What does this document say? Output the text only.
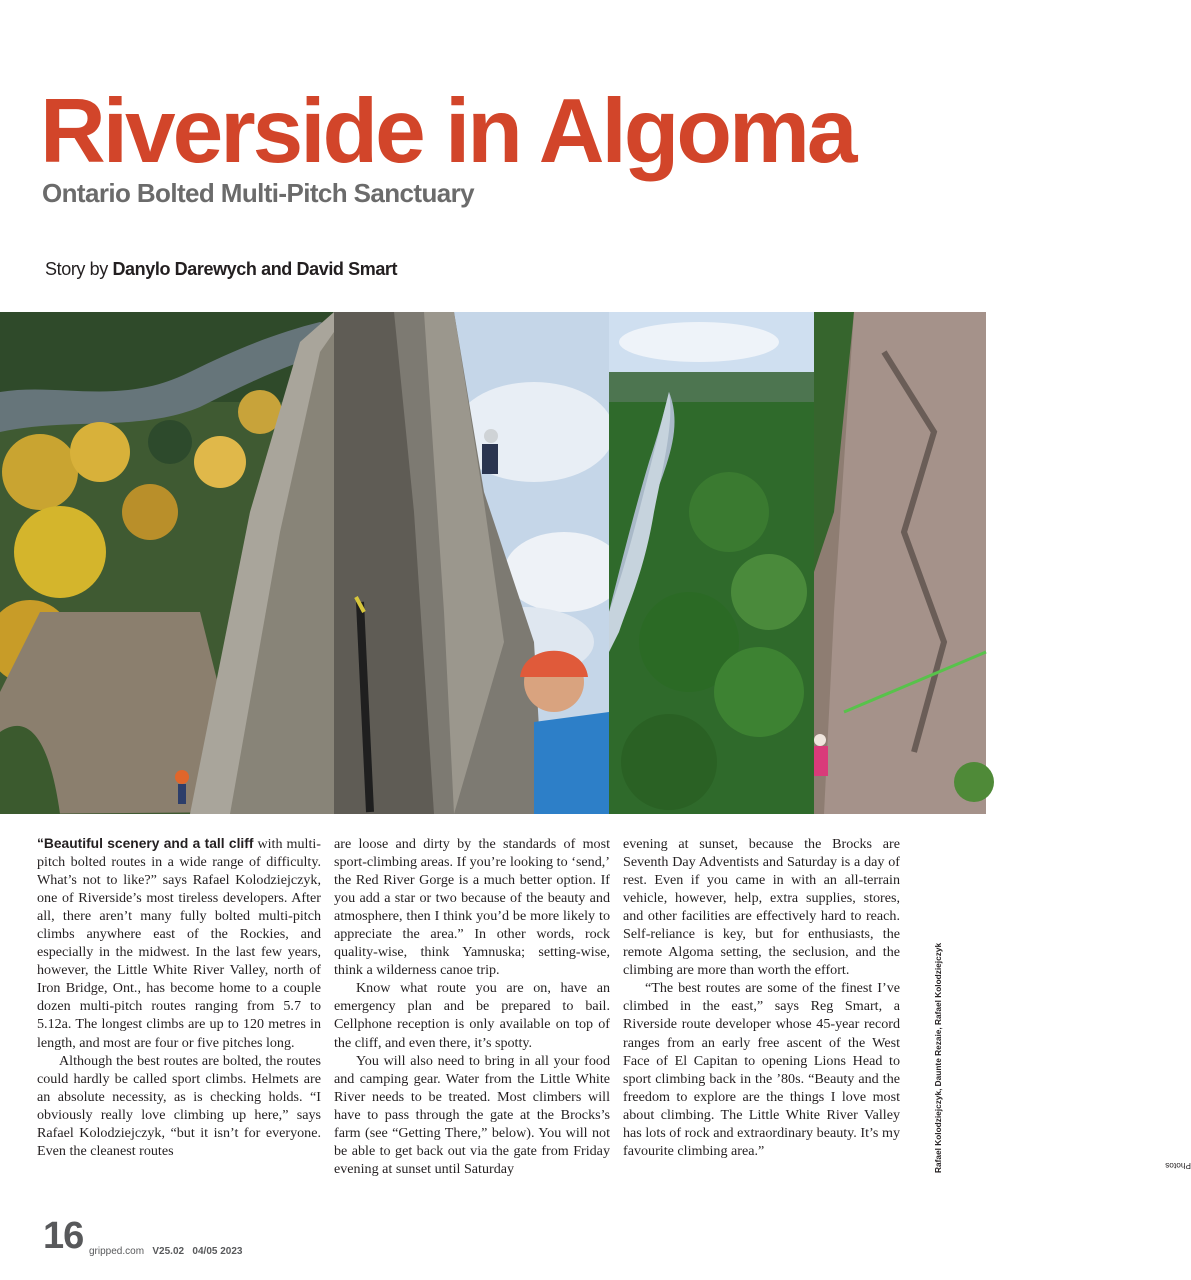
Riverside in Algoma
Ontario Bolted Multi-Pitch Sanctuary
Story by Danylo Darewych and David Smart

“Beautiful scenery and a tall cliff with multi-pitch bolted routes in a wide range of difficulty. What’s not to like?” says Rafael Kolodziejczyk, one of Riverside’s most tireless developers. After all, there aren’t many fully bolted multi-pitch climbs anywhere east of the Rockies, and especially in the midwest. In the last few years, however, the Little White River Valley, north of Iron Bridge, Ont., has become home to a couple dozen multi-pitch routes ranging from 5.7 to 5.12a. The longest climbs are up to 120 metres in length, and most are four or five pitches long.

Although the best routes are bolted, the routes could hardly be called sport climbs. Helmets are an absolute necessity, as is checking holds. “I obviously really love climbing up here,” says Rafael Kolodziejczyk, “but it isn’t for everyone. Even the cleanest routes

are loose and dirty by the standards of most sport-climbing areas. If you’re looking to ‘send,’ the Red River Gorge is a much better option. If you add a star or two because of the beauty and atmosphere, then I think you’d be more likely to appreciate the area.” In other words, rock quality-wise, think Yamnuska; setting-wise, think a wilderness canoe trip.

Know what route you are on, have an emergency plan and be prepared to bail. Cellphone reception is only available on top of the cliff, and even there, it’s spotty.

You will also need to bring in all your food and camping gear. Water from the Little White River needs to be treated. Most climbers will have to pass through the gate at the Brocks’s farm (see “Getting There,” below). You will not be able to get back out via the gate from Friday evening at sunset until Saturday

evening at sunset, because the Brocks are Seventh Day Adventists and Saturday is a day of rest. Even if you came in with an all-terrain vehicle, however, help, extra supplies, stores, and other facilities are effectively hard to reach. Self-reliance is key, but for enthusiasts, the remote Algoma setting, the seclusion, and the climbing are more than worth the effort.

“The best routes are some of the finest I’ve climbed in the east,” says Reg Smart, a Riverside route developer whose 45-year record ranges from an early free ascent of the West Face of El Capitan to opening Lions Head to sport climbing back in the ’80s. “Beauty and the freedom to explore are the things I love most about climbing. The Little White River Valley has lots of rock and extraordinary beauty. It’s my favourite climbing area.”

Photos
Rafael Kolodziejczyk, Daunte Rezaie, Rafael Kolodziejczyk
16 gripped.com V25.02 04/05 2023
